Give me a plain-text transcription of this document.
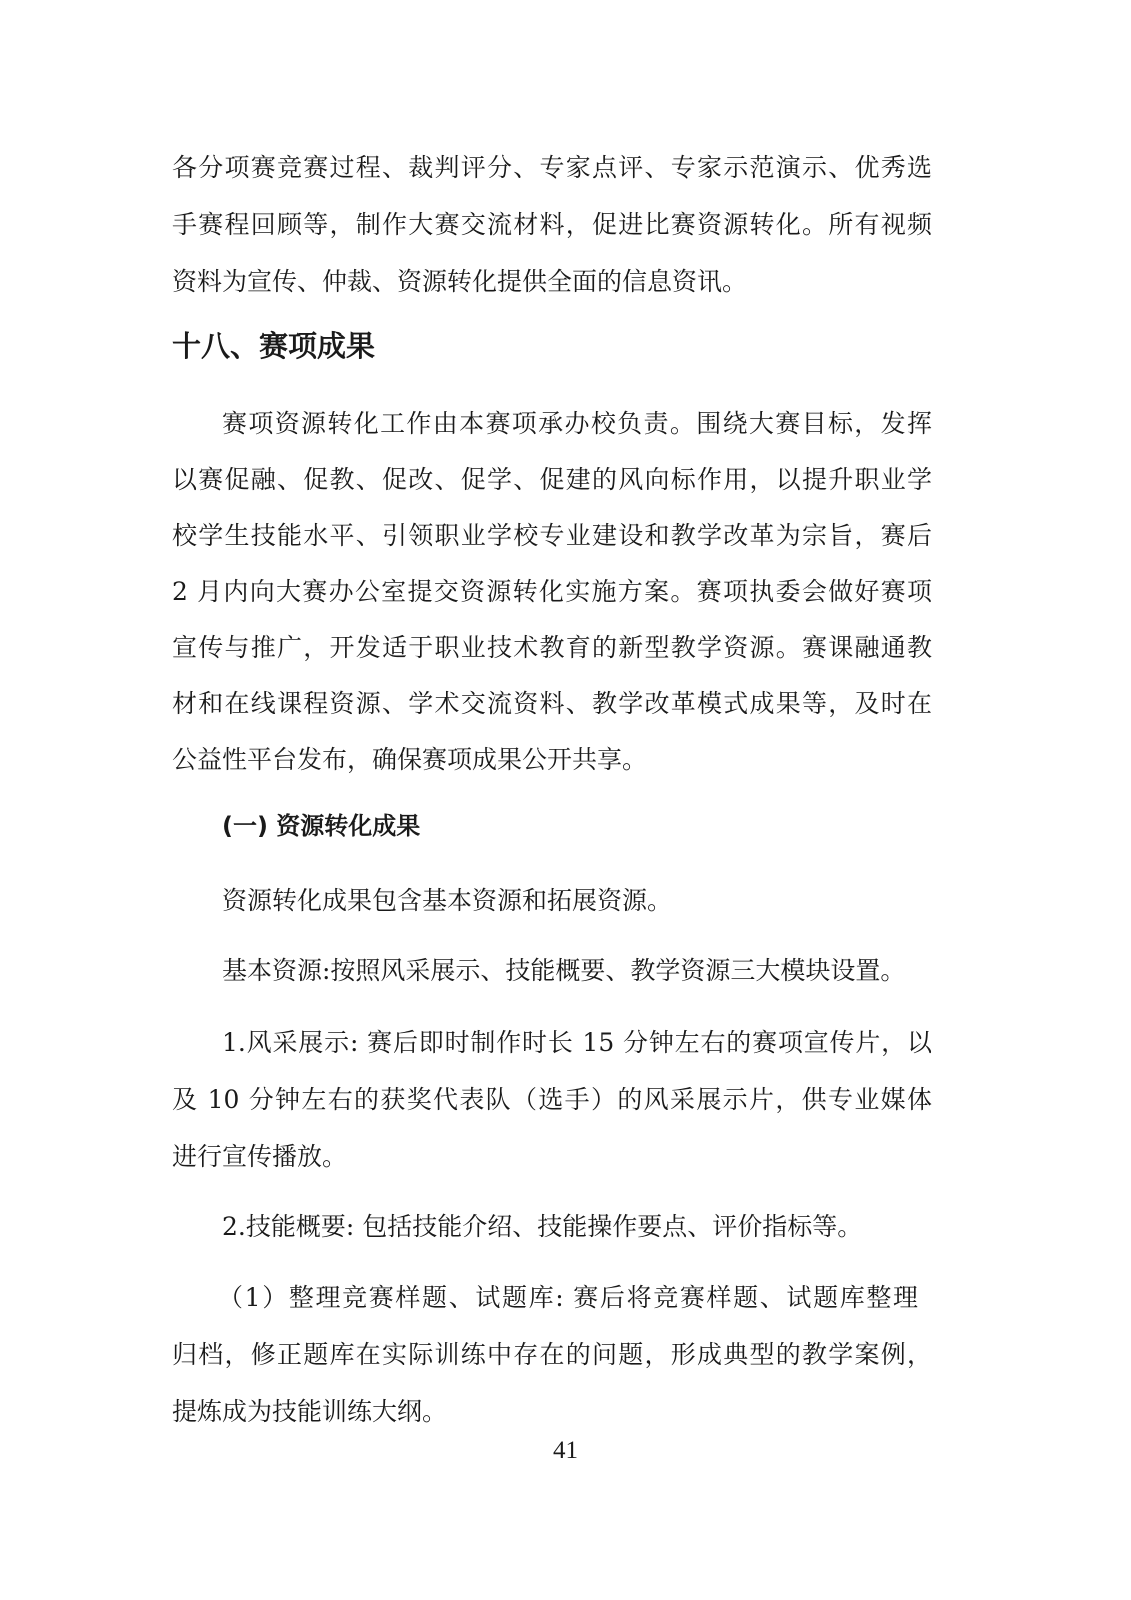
各分项赛竞赛过程、裁判评分、专家点评、专家示范演示、优秀选
手赛程回顾等，制作大赛交流材料，促进比赛资源转化。所有视频
资料为宣传、仲裁、资源转化提供全面的信息资讯。
十八、赛项成果
赛项资源转化工作由本赛项承办校负责。围绕大赛目标，发挥
以赛促融、促教、促改、促学、促建的风向标作用，以提升职业学
校学生技能水平、引领职业学校专业建设和教学改革为宗旨，赛后
2 月内向大赛办公室提交资源转化实施方案。赛项执委会做好赛项
宣传与推广，开发适于职业技术教育的新型教学资源。赛课融通教
材和在线课程资源、学术交流资料、教学改革模式成果等，及时在
公益性平台发布，确保赛项成果公开共享。
(一) 资源转化成果
资源转化成果包含基本资源和拓展资源。
基本资源:按照风采展示、技能概要、教学资源三大模块设置。
1.风采展示: 赛后即时制作时长 15 分钟左右的赛项宣传片，以
及 10 分钟左右的获奖代表队（选手）的风采展示片，供专业媒体
进行宣传播放。
2.技能概要: 包括技能介绍、技能操作要点、评价指标等。
（1）整理竞赛样题、试题库: 赛后将竞赛样题、试题库整理
归档，修正题库在实际训练中存在的问题，形成典型的教学案例，
提炼成为技能训练大纲。
41
